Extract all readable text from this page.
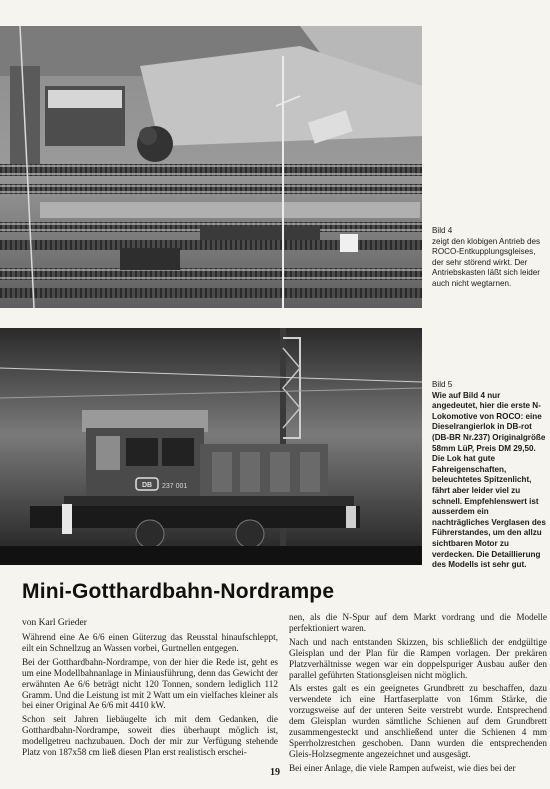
Bild 4
zeigt den klobigen Antrieb des ROCO-Entkupplungsgleises, der sehr störend wirkt. Der Antriebskasten läßt sich leider auch nicht wegtarnen.
DB 237 001
Bild 5
Wie auf Bild 4 nur angedeutet, hier die erste N-Lokomotive von ROCO: eine Dieselrangierlok in DB-rot (DB-BR Nr.237) Originalgröße 58mm LüP, Preis DM 29,50. Die Lok hat gute Fahreigenschaften, beleuchtetes Spitzenlicht, fährt aber leider viel zu schnell. Empfehlenswert ist ausserdem ein nachträgliches Verglasen des Führerstandes, um den allzu sichtbaren Motor zu verdecken. Die Detaillierung des Modells ist sehr gut.
Mini-Gotthardbahn-Nordrampe
von Karl Grieder

Während eine Ae 6/6 einen Güterzug das Reusstal hinaufschleppt, eilt ein Schnellzug an Wassen vorbei, Gurtnellen entgegen.

Bei der Gotthardbahn-Nordrampe, von der hier die Rede ist, geht es um eine Modellbahnanlage in Miniausführung, denn das Gewicht der erwähnten Ae 6/6 beträgt nicht 120 Tonnen, sondern lediglich 112 Gramm. Und die Leistung ist mit 2 Watt um ein vielfaches kleiner als bei einer Original Ae 6/6 mit 4410 kW.

Schon seit Jahren liebäugelte ich mit dem Gedanken, die Gotthardbahn-Nordrampe, soweit dies überhaupt möglich ist, modellgetreu nachzubauen. Doch der mir zur Verfügung stehende Platz von 187x58 cm ließ diesen Plan erst realistisch erschei-

nen, als die N-Spur auf dem Markt vordrang und die Modelle perfektioniert waren.

Nach und nach entstanden Skizzen, bis schließlich der endgültige Gleisplan und der Plan für die Rampen vorlagen. Der prekären Platzverhältnisse wegen war ein doppelspuriger Ausbau außer den parallel geführten Stationsgleisen nicht möglich.

Als erstes galt es ein geeignetes Grundbrett zu beschaffen, dazu verwendete ich eine Hartfaserplatte von 16mm Stärke, die vorzugsweise auf der unteren Seite verstrebt wurde. Entsprechend dem Gleisplan wurden sämtliche Schienen auf dem Grundbrett zusammengesteckt und anschließend unter die Schienen 4 mm Sperrholzrestchen geschoben. Dann wurden die entsprechenden Gleis-Holzsegmente angezeichnet und ausgesägt.

Bei einer Anlage, die viele Rampen aufweist, wie dies bei der

19
